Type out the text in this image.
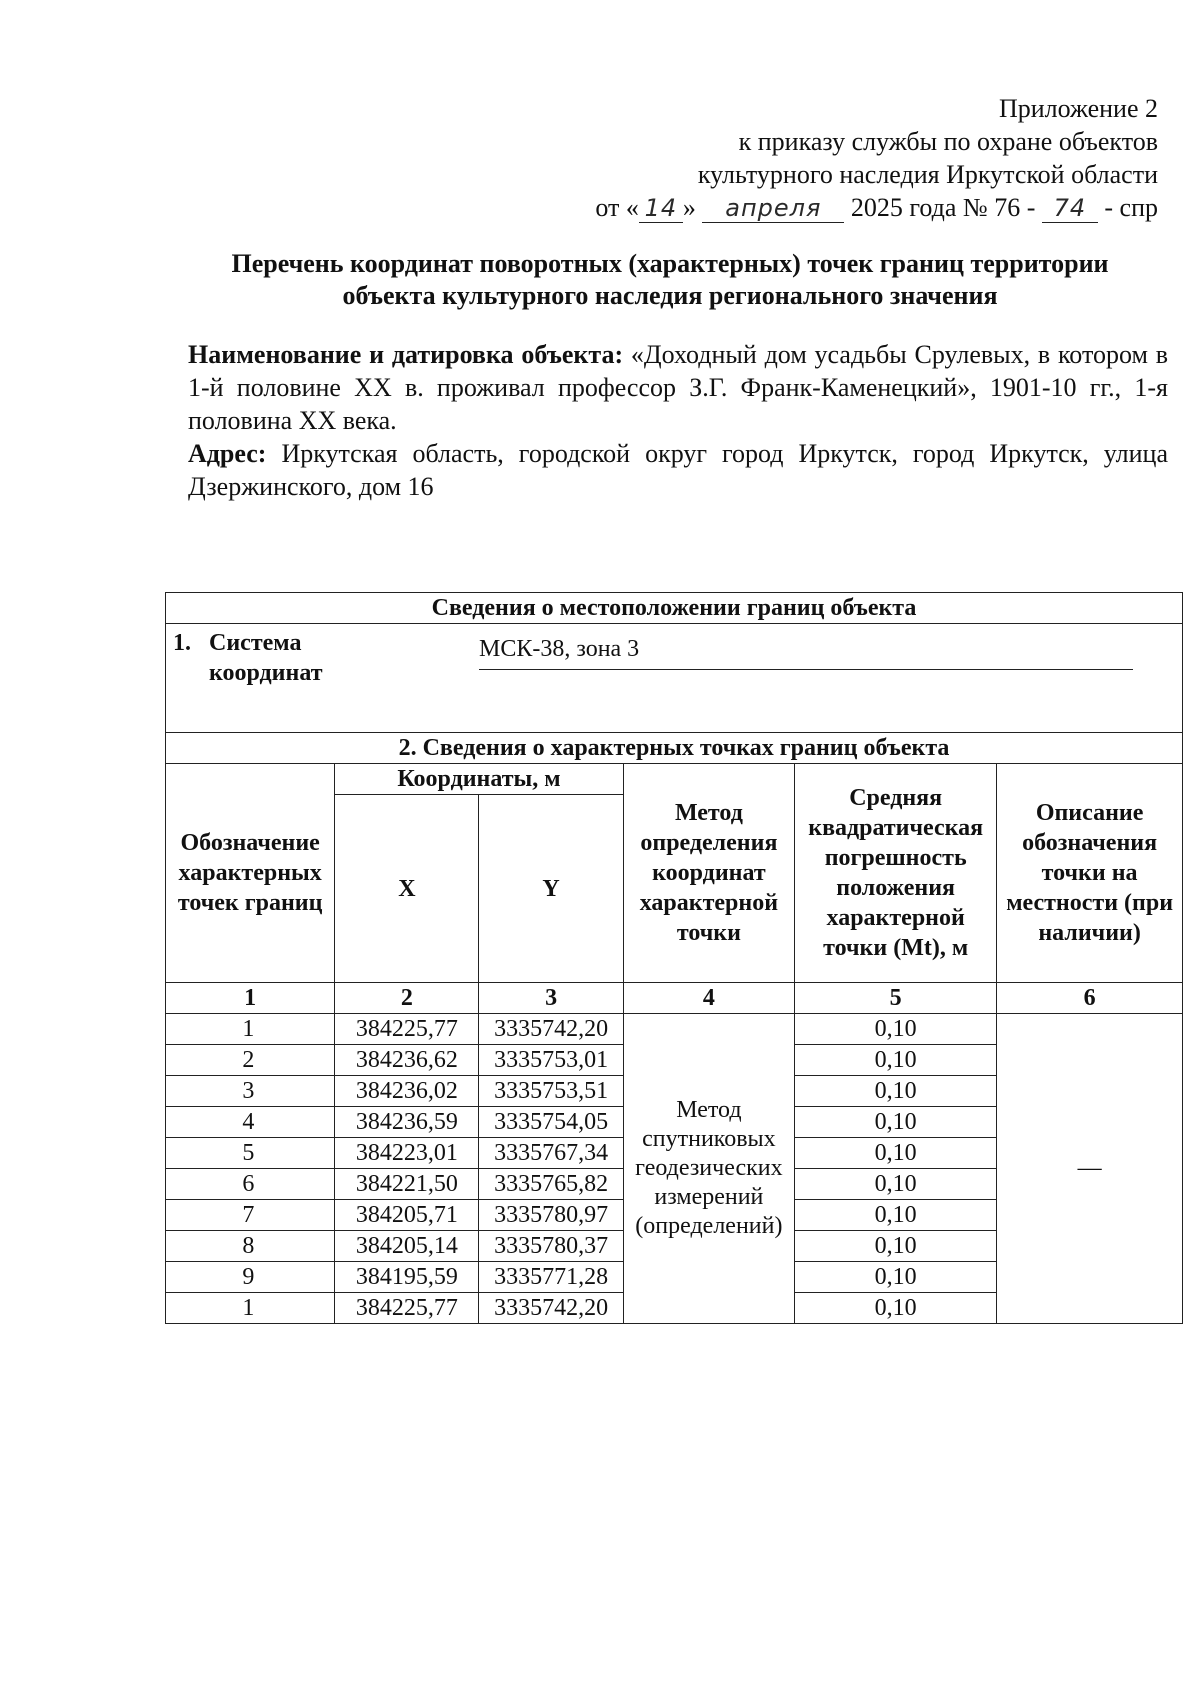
Приложение 2
к приказу службы по охране объектов
культурного наследия Иркутской области
от « 14 » апреля 2025 года № 76 - 74 - спр
Перечень координат поворотных (характерных) точек границ территории
объекта культурного наследия регионального значения

Наименование и датировка объекта: «Доходный дом усадьбы Срулевых, в котором в 1-й половине XX в. проживал профессор З.Г. Франк-Каменецкий», 1901-10 гг., 1-я половина XX века.

Адрес: Иркутская область, городской округ город Иркутск, город Иркутск, улица Дзержинского, дом 16

Сведения о местоположении границ объекта					

1. Система координат
МСК-38, зона 3					
2. Сведения о характерных точках границ объекта					
Обозначение характерных точек границ	Координаты, м		Метод определения координат характерной точки	Средняя квадратическая погрешность положения характерной точки (Mt), м	Описание обозначения точки на местности (при наличии)
	X	Y			
1	2	3	4	5	6
1	384225,77	3335742,20	Метод спутниковых геодезических измерений (определений)	0,10	—
2	384236,62	3335753,01		0,10	
3	384236,02	3335753,51		0,10	
4	384236,59	3335754,05		0,10	
5	384223,01	3335767,34		0,10	
6	384221,50	3335765,82		0,10	
7	384205,71	3335780,97		0,10	
8	384205,14	3335780,37		0,10	
9	384195,59	3335771,28		0,10	
1	384225,77	3335742,20		0,10	
